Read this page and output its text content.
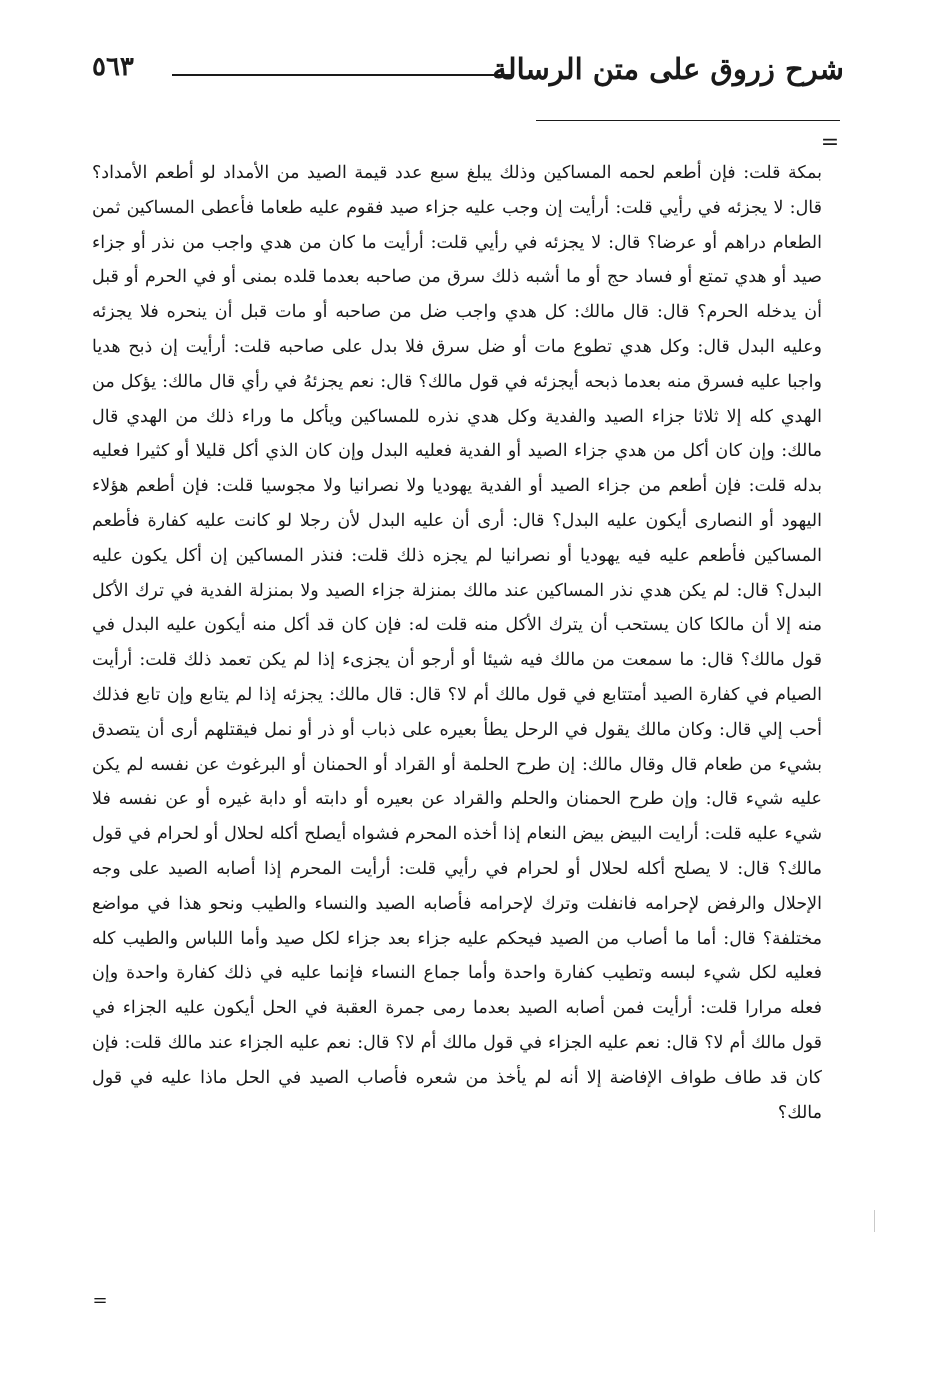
شرح زروق على متن الرسالة
٥٦٣
=

بمكة قلت: فإن أطعم لحمه المساكين وذلك يبلغ سبع عدد قيمة الصيد من الأمداد لو أطعم الأمداد؟ قال: لا يجزئه في رأيي قلت: أرأيت إن وجب عليه جزاء صيد فقوم عليه طعاما فأعطى المساكين ثمن الطعام دراهم أو عرضا؟ قال: لا يجزئه في رأيي قلت: أرأيت ما كان من هدي واجب من نذر أو جزاء صيد أو هدي تمتع أو فساد حج أو ما أشبه ذلك سرق من صاحبه بعدما قلده بمنى أو في الحرم أو قبل أن يدخله الحرم؟ قال: قال مالك: كل هدي واجب ضل من صاحبه أو مات قبل أن ينحره فلا يجزئه وعليه البدل قال: وكل هدي تطوع مات أو ضل سرق فلا بدل على صاحبه قلت: أرأيت إن ذبح هديا واجبا عليه فسرق منه بعدما ذبحه أيجزئه في قول مالك؟ قال: نعم يجزئهُ في رأي قال مالك: يؤكل من الهدي كله إلا ثلاثا جزاء الصيد والفدية وكل هدي نذره للمساكين ويأكل ما وراء ذلك من الهدي قال مالك: وإن كان أكل من هدي جزاء الصيد أو الفدية فعليه البدل وإن كان الذي أكل قليلا أو كثيرا فعليه بدله قلت: فإن أطعم من جزاء الصيد أو الفدية يهوديا ولا نصرانيا ولا مجوسيا قلت: فإن أطعم هؤلاء اليهود أو النصارى أيكون عليه البدل؟ قال: أرى أن عليه البدل لأن رجلا لو كانت عليه كفارة فأطعم المساكين فأطعم عليه فيه يهوديا أو نصرانيا لم يجزه ذلك قلت: فنذر المساكين إن أكل يكون عليه البدل؟ قال: لم يكن هدي نذر المساكين عند مالك بمنزلة جزاء الصيد ولا بمنزلة الفدية في ترك الأكل منه إلا أن مالكا كان يستحب أن يترك الأكل منه قلت له: فإن كان قد أكل منه أيكون عليه البدل في قول مالك؟ قال: ما سمعت من مالك فيه شيئا أو أرجو أن يجزىء إذا لم يكن تعمد ذلك قلت: أرأيت الصيام في كفارة الصيد أمتتابع في قول مالك أم لا؟ قال: قال مالك: يجزئه إذا لم يتابع وإن تابع فذلك أحب إلي قال: وكان مالك يقول في الرحل يطأ بعيره على ذباب أو ذر أو نمل فيقتلهم أرى أن يتصدق بشيء من طعام قال وقال مالك: إن طرح الحلمة أو القراد أو الحمنان أو البرغوث عن نفسه لم يكن عليه شيء قال: وإن طرح الحمنان والحلم والقراد عن بعيره أو دابته أو دابة غيره أو عن نفسه فلا شيء عليه قلت: أرايت البيض بيض النعام إذا أخذه المحرم فشواه أيصلح أكله لحلال أو لحرام في قول مالك؟ قال: لا يصلح أكله لحلال أو لحرام في رأيي قلت: أرأيت المحرم إذا أصابه الصيد على وجه الإحلال والرفض لإحرامه فانفلت وترك لإحرامه فأصابه الصيد والنساء والطيب ونحو هذا في مواضع مختلفة؟ قال: أما ما أصاب من الصيد فيحكم عليه جزاء بعد جزاء لكل صيد وأما اللباس والطيب كله فعليه لكل شيء لبسه وتطيب كفارة واحدة وأما جماع النساء فإنما عليه في ذلك كفارة واحدة وإن فعله مرارا قلت: أرأيت فمن أصابه الصيد بعدما رمى جمرة العقبة في الحل أيكون عليه الجزاء في قول مالك أم لا؟ قال: نعم عليه الجزاء في قول مالك أم لا؟ قال: نعم عليه الجزاء عند مالك قلت: فإن كان قد طاف طواف الإفاضة إلا أنه لم يأخذ من شعره فأصاب الصيد في الحل ماذا عليه في قول مالك؟

=
